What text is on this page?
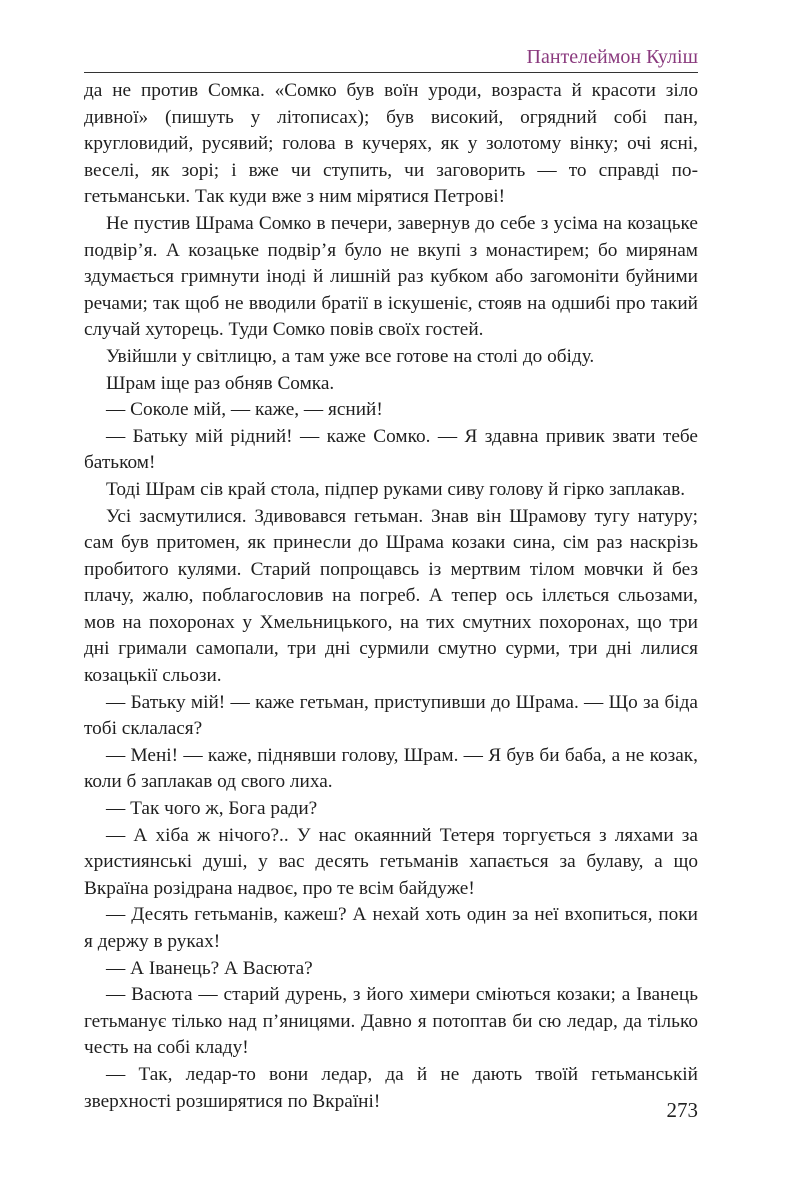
Пантелеймон Куліш

да не против Сомка. «Сомко був воїн уроди, возраста й красоти зіло дивної» (пишуть у літописах); був високий, огрядний собі пан, кругловидий, русявий; голова в кучерях, як у золотому вінку; очі ясні, веселі, як зорі; і вже чи ступить, чи заговорить — то справді по-гетьманськи. Так куди вже з ним мірятися Петрові!

Не пустив Шрама Сомко в печери, завернув до себе з усіма на козацьке подвір’я. А козацьке подвір’я було не вкупі з монастирем; бо мирянам здумається гримнути іноді й лишній раз кубком або загомоніти буйними речами; так щоб не вводили братії в іскушеніє, стояв на одшибі про такий случай хуторець. Туди Сомко повів своїх гостей.

Увійшли у світлицю, а там уже все готове на столі до обіду.

Шрам іще раз обняв Сомка.

— Соколе мій, — каже, — ясний!

— Батьку мій рідний! — каже Сомко. — Я здавна привик звати тебе батьком!

Тоді Шрам сів край стола, підпер руками сиву голову й гірко заплакав.

Усі засмутилися. Здивовався гетьман. Знав він Шрамову тугу натуру; сам був притомен, як принесли до Шрама козаки сина, сім раз наскрізь пробитого кулями. Старий попрощавсь із мертвим тілом мовчки й без плачу, жалю, поблагословив на погреб. А тепер ось іллється сльозами, мов на похоронах у Хмельницького, на тих смутних похоронах, що три дні гримали самопали, три дні сурмили смутно сурми, три дні лилися козацькії сльози.

— Батьку мій! — каже гетьман, приступивши до Шрама. — Що за біда тобі склалася?

— Мені! — каже, піднявши голову, Шрам. — Я був би баба, а не козак, коли б заплакав од свого лиха.

— Так чого ж, Бога ради?

— А хіба ж нічого?.. У нас окаянний Тетеря торгується з ляхами за християнські душі, у вас десять гетьманів хапається за булаву, а що Вкраїна розідрана надвоє, про те всім байдуже!

— Десять гетьманів, кажеш? А нехай хоть один за неї вхопиться, поки я держу в руках!

— А Іванець? А Васюта?

— Васюта — старий дурень, з його химери сміються козаки; а Іванець гетьманує тілько над п’яницями. Давно я потоптав би сю ледар, да тілько честь на собі кладу!

— Так, ледар-то вони ледар, да й не дають твоїй гетьманській зверхності розширятися по Вкраїні!	273
